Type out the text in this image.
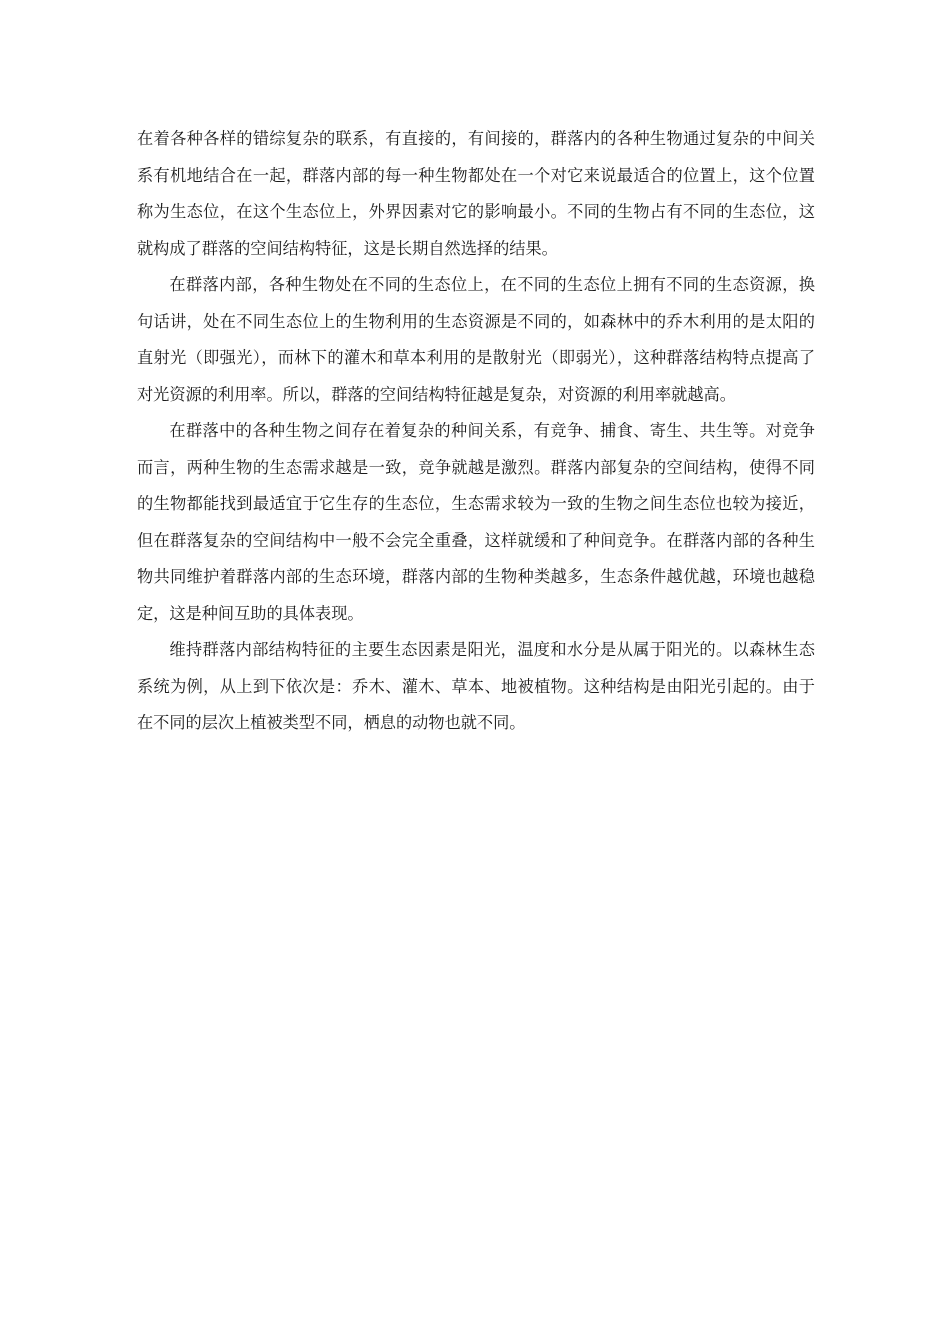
在着各种各样的错综复杂的联系，有直接的，有间接的，群落内的各种生物通过复杂的中间关系有机地结合在一起，群落内部的每一种生物都处在一个对它来说最适合的位置上，这个位置称为生态位，在这个生态位上，外界因素对它的影响最小。不同的生物占有不同的生态位，这就构成了群落的空间结构特征，这是长期自然选择的结果。

在群落内部，各种生物处在不同的生态位上，在不同的生态位上拥有不同的生态资源，换句话讲，处在不同生态位上的生物利用的生态资源是不同的，如森林中的乔木利用的是太阳的直射光（即强光），而林下的灌木和草本利用的是散射光（即弱光），这种群落结构特点提高了对光资源的利用率。所以，群落的空间结构特征越是复杂，对资源的利用率就越高。

在群落中的各种生物之间存在着复杂的种间关系，有竞争、捕食、寄生、共生等。对竞争而言，两种生物的生态需求越是一致，竞争就越是激烈。群落内部复杂的空间结构，使得不同的生物都能找到最适宜于它生存的生态位，生态需求较为一致的生物之间生态位也较为接近，但在群落复杂的空间结构中一般不会完全重叠，这样就缓和了种间竞争。在群落内部的各种生物共同维护着群落内部的生态环境，群落内部的生物种类越多，生态条件越优越，环境也越稳定，这是种间互助的具体表现。

维持群落内部结构特征的主要生态因素是阳光，温度和水分是从属于阳光的。以森林生态系统为例，从上到下依次是：乔木、灌木、草本、地被植物。这种结构是由阳光引起的。由于在不同的层次上植被类型不同，栖息的动物也就不同。
